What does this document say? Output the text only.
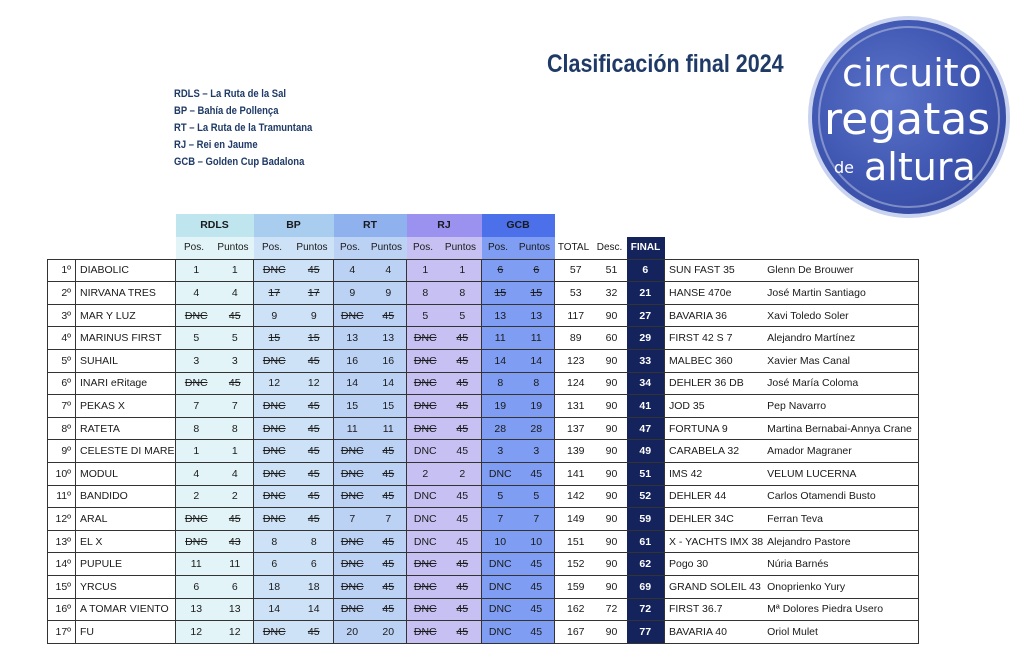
Clasificación final 2024
RDLS – La Ruta de la Sal
BP – Bahía de Pollença
RT – La Ruta de la Tramuntana
RJ – Rei en Jaume
GCB – Golden Cup Badalona
circuito
regatas
de altura
		RDLS		BP		RT		RJ		GCB						
		Pos.	Puntos	Pos.	Puntos	Pos.	Puntos	Pos.	Puntos	Pos.	Puntos	TOTAL	Desc.	FINAL		
1º	DIABOLIC	1	1	DNC	45	4	4	1	1	6	6	57	51	6	SUN FAST 35	Glenn De Brouwer
2º	NIRVANA TRES	4	4	17	17	9	9	8	8	15	15	53	32	21	HANSE 470e	José Martin Santiago
3º	MAR Y LUZ	DNC	45	9	9	DNC	45	5	5	13	13	117	90	27	BAVARIA 36	Xavi Toledo Soler
4º	MARINUS FIRST	5	5	15	15	13	13	DNC	45	11	11	89	60	29	FIRST 42 S 7	Alejandro Martínez
5º	SUHAIL	3	3	DNC	45	16	16	DNC	45	14	14	123	90	33	MALBEC 360	Xavier Mas Canal
6º	INARI eRitage	DNC	45	12	12	14	14	DNC	45	8	8	124	90	34	DEHLER 36 DB	José María Coloma
7º	PEKAS X	7	7	DNC	45	15	15	DNC	45	19	19	131	90	41	JOD 35	Pep Navarro
8º	RATETA	8	8	DNC	45	11	11	DNC	45	28	28	137	90	47	FORTUNA 9	Martina Bernabai-Annya Crane
9º	CELESTE DI MARE	1	1	DNC	45	DNC	45	DNC	45	3	3	139	90	49	CARABELA 32	Amador Magraner
10º	MODUL	4	4	DNC	45	DNC	45	2	2	DNC	45	141	90	51	IMS 42	VELUM LUCERNA
11º	BANDIDO	2	2	DNC	45	DNC	45	DNC	45	5	5	142	90	52	DEHLER 44	Carlos Otamendi Busto
12º	ARAL	DNC	45	DNC	45	7	7	DNC	45	7	7	149	90	59	DEHLER 34C	Ferran Teva
13º	EL X	DNS	43	8	8	DNC	45	DNC	45	10	10	151	90	61	X - YACHTS IMX 38	Alejandro Pastore
14º	PUPULE	11	11	6	6	DNC	45	DNC	45	DNC	45	152	90	62	Pogo 30	Núria Barnés
15º	YRCUS	6	6	18	18	DNC	45	DNC	45	DNC	45	159	90	69	GRAND SOLEIL 43	Onoprienko Yury
16º	A TOMAR VIENTO	13	13	14	14	DNC	45	DNC	45	DNC	45	162	72	72	FIRST 36.7	Mª Dolores Piedra Usero
17º	FU	12	12	DNC	45	20	20	DNC	45	DNC	45	167	90	77	BAVARIA 40	Oriol Mulet
